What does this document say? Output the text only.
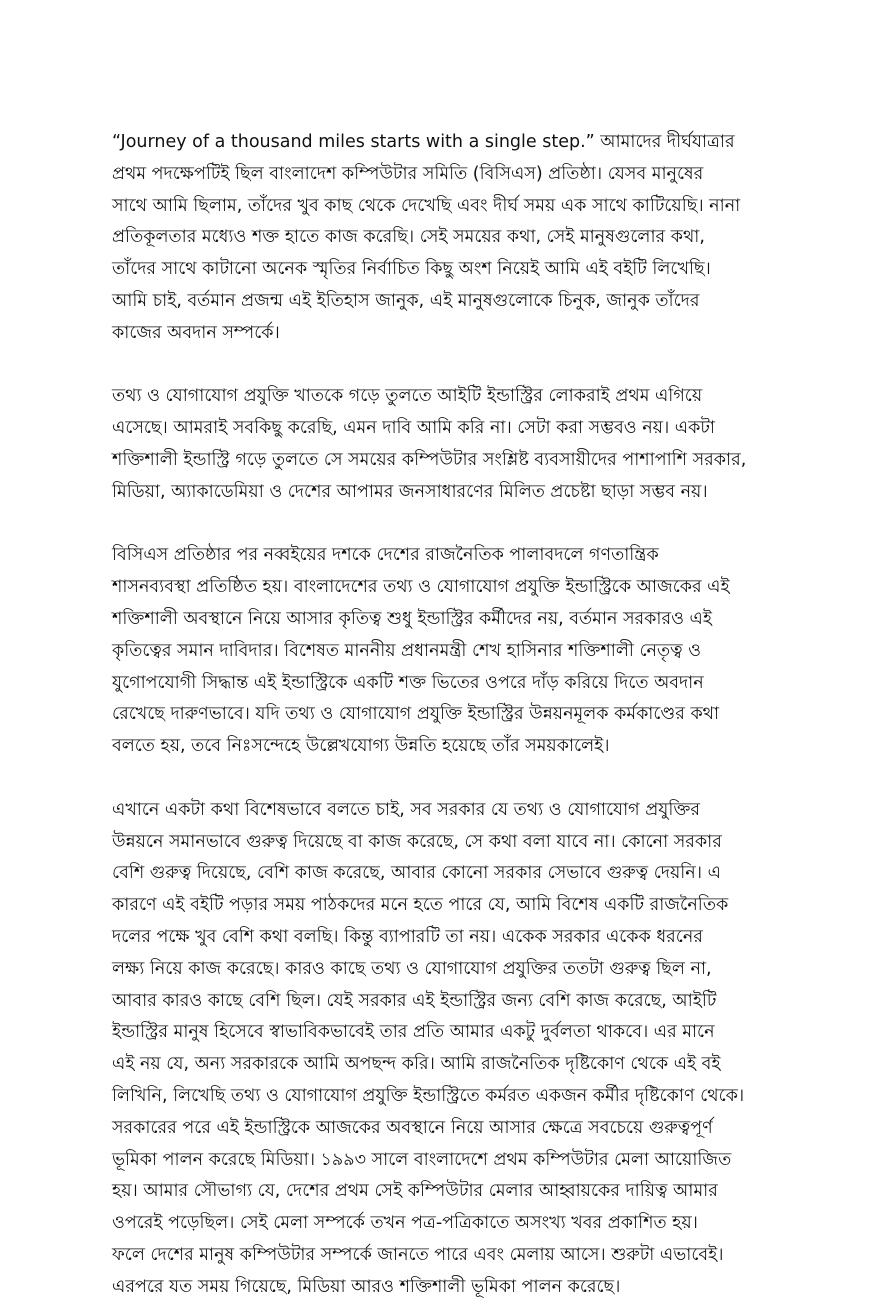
“Journey of a thousand miles starts with a single step.” আমাদের দীর্ঘযাত্রার
প্রথম পদক্ষেপটিই ছিল বাংলাদেশ কম্পিউটার সমিতি (বিসিএস) প্রতিষ্ঠা। যেসব মানুষের
সাথে আমি ছিলাম, তাঁদের খুব কাছ থেকে দেখেছি এবং দীর্ঘ সময় এক সাথে কাটিয়েছি। নানা
প্রতিকূলতার মধ্যেও শক্ত হাতে কাজ করেছি। সেই সময়ের কথা, সেই মানুষগুলোর কথা,
তাঁদের সাথে কাটানো অনেক স্মৃতির নির্বাচিত কিছু অংশ নিয়েই আমি এই বইটি লিখেছি।
আমি চাই, বর্তমান প্রজন্ম এই ইতিহাস জানুক, এই মানুষগুলোকে চিনুক, জানুক তাঁদের
কাজের অবদান সম্পর্কে।

তথ্য ও যোগাযোগ প্রযুক্তি খাতকে গড়ে তুলতে আইটি ইন্ডাস্ট্রির লোকরাই প্রথম এগিয়ে
এসেছে। আমরাই সবকিছু করেছি, এমন দাবি আমি করি না। সেটা করা সম্ভবও নয়। একটা
শক্তিশালী ইন্ডাস্ট্রি গড়ে তুলতে সে সময়ের কম্পিউটার সংশ্লিষ্ট ব্যবসায়ীদের পাশাপাশি সরকার,
মিডিয়া, অ্যাকাডেমিয়া ও দেশের আপামর জনসাধারণের মিলিত প্রচেষ্টা ছাড়া সম্ভব নয়।

বিসিএস প্রতিষ্ঠার পর নব্বইয়ের দশকে দেশের রাজনৈতিক পালাবদলে গণতান্ত্রিক
শাসনব্যবস্থা প্রতিষ্ঠিত হয়। বাংলাদেশের তথ্য ও যোগাযোগ প্রযুক্তি ইন্ডাস্ট্রিকে আজকের এই
শক্তিশালী অবস্থানে নিয়ে আসার কৃতিত্ব শুধু ইন্ডাস্ট্রির কর্মীদের নয়, বর্তমান সরকারও এই
কৃতিত্বের সমান দাবিদার। বিশেষত মাননীয় প্রধানমন্ত্রী শেখ হাসিনার শক্তিশালী নেতৃত্ব ও
যুগোপযোগী সিদ্ধান্ত এই ইন্ডাস্ট্রিকে একটি শক্ত ভিতের ওপরে দাঁড় করিয়ে দিতে অবদান
রেখেছে দারুণভাবে। যদি তথ্য ও যোগাযোগ প্রযুক্তি ইন্ডাস্ট্রির উন্নয়নমূলক কর্মকাণ্ডের কথা
বলতে হয়, তবে নিঃসন্দেহে উল্লেখযোগ্য উন্নতি হয়েছে তাঁর সময়কালেই।

এখানে একটা কথা বিশেষভাবে বলতে চাই, সব সরকার যে তথ্য ও যোগাযোগ প্রযুক্তির
উন্নয়নে সমানভাবে গুরুত্ব দিয়েছে বা কাজ করেছে, সে কথা বলা যাবে না। কোনো সরকার
বেশি গুরুত্ব দিয়েছে, বেশি কাজ করেছে, আবার কোনো সরকার সেভাবে গুরুত্ব দেয়নি। এ
কারণে এই বইটি পড়ার সময় পাঠকদের মনে হতে পারে যে, আমি বিশেষ একটি রাজনৈতিক
দলের পক্ষে খুব বেশি কথা বলছি। কিন্তু ব্যাপারটি তা নয়। একেক সরকার একেক ধরনের
লক্ষ্য নিয়ে কাজ করেছে। কারও কাছে তথ্য ও যোগাযোগ প্রযুক্তির ততটা গুরুত্ব ছিল না,
আবার কারও কাছে বেশি ছিল। যেই সরকার এই ইন্ডাস্ট্রির জন্য বেশি কাজ করেছে, আইটি
ইন্ডাস্ট্রির মানুষ হিসেবে স্বাভাবিকভাবেই তার প্রতি আমার একটু দুর্বলতা থাকবে। এর মানে
এই নয় যে, অন্য সরকারকে আমি অপছন্দ করি। আমি রাজনৈতিক দৃষ্টিকোণ থেকে এই বই
লিখিনি, লিখেছি তথ্য ও যোগাযোগ প্রযুক্তি ইন্ডাস্ট্রিতে কর্মরত একজন কর্মীর দৃষ্টিকোণ থেকে।
সরকারের পরে এই ইন্ডাস্ট্রিকে আজকের অবস্থানে নিয়ে আসার ক্ষেত্রে সবচেয়ে গুরুত্বপূর্ণ
ভূমিকা পালন করেছে মিডিয়া। ১৯৯৩ সালে বাংলাদেশে প্রথম কম্পিউটার মেলা আয়োজিত
হয়। আমার সৌভাগ্য যে, দেশের প্রথম সেই কম্পিউটার মেলার আহ্বায়কের দায়িত্ব আমার
ওপরেই পড়েছিল। সেই মেলা সম্পর্কে তখন পত্র-পত্রিকাতে অসংখ্য খবর প্রকাশিত হয়।
ফলে দেশের মানুষ কম্পিউটার সম্পর্কে জানতে পারে এবং মেলায় আসে। শুরুটা এভাবেই।
এরপরে যত সময় গিয়েছে, মিডিয়া আরও শক্তিশালী ভূমিকা পালন করেছে।
